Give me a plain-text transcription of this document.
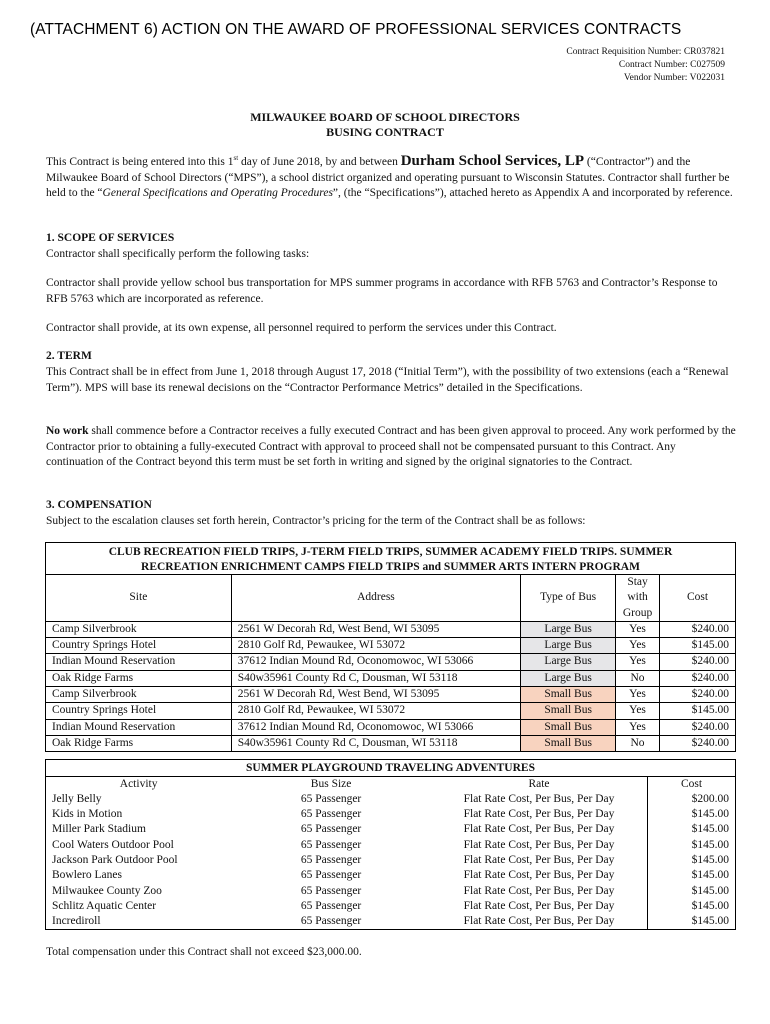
(ATTACHMENT 6) ACTION ON THE AWARD OF PROFESSIONAL SERVICES CONTRACTS
Contract Requisition Number: CR037821
Contract Number: C027509
Vendor Number: V022031
MILWAUKEE BOARD OF SCHOOL DIRECTORS
BUSING CONTRACT
This Contract is being entered into this 1st day of June 2018, by and between Durham School Services, LP (“Contractor”) and the Milwaukee Board of School Directors (“MPS”), a school district organized and operating pursuant to Wisconsin Statutes. Contractor shall further be held to the “General Specifications and Operating Procedures”, (the “Specifications”), attached hereto as Appendix A and incorporated by reference.
1. SCOPE OF SERVICES
Contractor shall specifically perform the following tasks:
Contractor shall provide yellow school bus transportation for MPS summer programs in accordance with RFB 5763 and Contractor’s Response to RFB 5763 which are incorporated as reference.
Contractor shall provide, at its own expense, all personnel required to perform the services under this Contract.
2. TERM
This Contract shall be in effect from June 1, 2018 through August 17, 2018 (“Initial Term”), with the possibility of two extensions (each a “Renewal Term”). MPS will base its renewal decisions on the “Contractor Performance Metrics” detailed in the Specifications.
No work shall commence before a Contractor receives a fully executed Contract and has been given approval to proceed. Any work performed by the Contractor prior to obtaining a fully-executed Contract with approval to proceed shall not be compensated pursuant to this Contract. Any continuation of the Contract beyond this term must be set forth in writing and signed by the original signatories to the Contract.
3. COMPENSATION
Subject to the escalation clauses set forth herein, Contractor’s pricing for the term of the Contract shall be as follows:
CLUB RECREATION FIELD TRIPS, J-TERM FIELD TRIPS, SUMMER ACADEMY FIELD TRIPS. SUMMER
RECREATION ENRICHMENT CAMPS FIELD TRIPS and SUMMER ARTS INTERN PROGRAM				

Site	Address	Type of Bus	Stay
with
Group	Cost
Camp Silverbrook	2561 W Decorah Rd, West Bend, WI 53095	Large Bus	Yes	$240.00
Country Springs Hotel	2810 Golf Rd, Pewaukee, WI 53072	Large Bus	Yes	$145.00
Indian Mound Reservation	37612 Indian Mound Rd, Oconomowoc, WI 53066	Large Bus	Yes	$240.00
Oak Ridge Farms	S40w35961 County Rd C, Dousman, WI 53118	Large Bus	No	$240.00
Camp Silverbrook	2561 W Decorah Rd, West Bend, WI 53095	Small Bus	Yes	$240.00
Country Springs Hotel	2810 Golf Rd, Pewaukee, WI 53072	Small Bus	Yes	$145.00
Indian Mound Reservation	37612 Indian Mound Rd, Oconomowoc, WI 53066	Small Bus	Yes	$240.00
Oak Ridge Farms	S40w35961 County Rd C, Dousman, WI 53118	Small Bus	No	$240.00
SUMMER PLAYGROUND TRAVELING ADVENTURES			
Activity	Bus Size	Rate	Cost
Jelly Belly	65 Passenger	Flat Rate Cost, Per Bus, Per Day	$200.00
Kids in Motion	65 Passenger	Flat Rate Cost, Per Bus, Per Day	$145.00
Miller Park Stadium	65 Passenger	Flat Rate Cost, Per Bus, Per Day	$145.00
Cool Waters Outdoor Pool	65 Passenger	Flat Rate Cost, Per Bus, Per Day	$145.00
Jackson Park Outdoor Pool	65 Passenger	Flat Rate Cost, Per Bus, Per Day	$145.00
Bowlero Lanes	65 Passenger	Flat Rate Cost, Per Bus, Per Day	$145.00
Milwaukee County Zoo	65 Passenger	Flat Rate Cost, Per Bus, Per Day	$145.00
Schlitz Aquatic Center	65 Passenger	Flat Rate Cost, Per Bus, Per Day	$145.00
Incrediroll	65 Passenger	Flat Rate Cost, Per Bus, Per Day	$145.00
Total compensation under this Contract shall not exceed $23,000.00.
